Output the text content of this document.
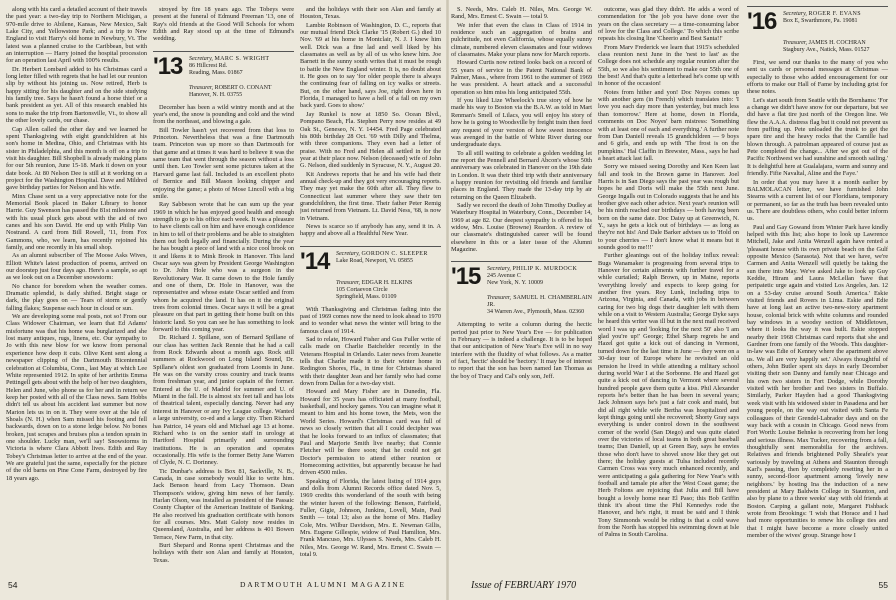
along with his card a detailed account of their travels the past year: a two-day trip to Northern Michigan, a 970-mile drive to Abilene, Kansas, New Mexico, Salt Lake City, and Yellowstone Park; and a trip to New England to visit Harry's old home in Newbury, Vt. The latest was a planned cruise to the Caribbean, but with an interruption — Harry joined the hospital procession for an operation last April with 100% results.

Dr. Herbert Lombard added to his Christmas card a long letter filled with regrets that he had let our reunion slip by without his joining us. Now retired, Herb is happy sitting for his daughter and on the side studying his family tree. Says he hasn't found a horse thief or a bank president as yet. All of this research enabled his sons to make the trip from Bartonsville, Vt., to show all the other lovely cards, our chase.

Cap Allen called the other day and we learned he spent Thanksgiving with eight grandchildren at his son's home in Medina, Ohio, and Christmas with his sister in Philadelphia, and this month is off on a trip to visit his daughter. Bill Shopbell is already making plans for our 5th reunion, June 15-18. Mark it down on your date book. At 80 Nelson Dee is still at it working on a project for the Washington Hospital. Dave and Mildred gave birthday parties for Nelson and his wife.

Minx Chase sent us a very appreciative note for the Memorial Book placed in Baker Library to honor Harrie. Guy Swenson has passed the 81st milestone and with his usual pluck gets about with the aid of two canes and his son David. He end up with Philip Van Nostrand. A card from Bill Rowell, '11, from Fox Gammons, who, we learn, has recently rejoined his family, and one recently in his small shop.

As an alumni subscriber of The Moose Asks Wives, Elliott White's latest production of poems, arrived on our doorstep just four days ago. Here's a sample, so apt as we look out on a December snowstorm:

No chance for boredom when the weather comes. Dramatic splendid, is daily shifted. Bright stage or dark, the play goes on — Tears of storm or gently falling flakes; Suspense each hour in cloud or sun.

We are developing some real posts, not so! From our Class Widower Chairman, we learn that Ed Adams' misfortune was that his home was burglarized and she lost many antiques, rugs, linens, etc. Our sympathy to Jo with this new blow for we know from personal experience how deep it cuts. Olive Kent sent along a newspaper clipping of the Dartmouth Bicentennial celebration at Columbia, Conn., last May at which Lee White represented 1912. In spite of her arthritis Emma Pettingell gets about with the help of her two daughters, Helen and June, who phone us for her and in return we keep her posted with all of the Class news. Sam Hobbs didn't tell us about his accident last summer but now Marion lets us in on it. They were over at the Isle of Shoals (N. H.) when Sam missed his footing and fell backwards, down on to a stone ledge below. No bones broken, just scrapes and bruises plus a tendon sprain in one shoulder. Lucky man, we'll say! Snowstorms in Victoria is where Clara Abbott lives. Edith and Ray Tobey's Christmas letter to arrive at the end of the year. We are grateful just the same, especially for the picture of the old barns on Pine Cone Farm, destroyed by fire 18 years ago.

stroyed by fire 18 years ago. The Tobeys were present at the funeral of Edmund Freeman '13, one of Ray's old friends at the Good Will Schools for whom Edith and Ray stood up at the time of Edmund's wedding.

'13	Secretary, MARC S. WRIGHT
86 Hillcrest Rd.
Reading, Mass. 01867
Treasurer, ROBERT O. CONANT
Hanover, N. H. 03755

December has been a wild wintry month and at the year's end, the snow is pounding and cold and the wind from the northeast, and blowing a gale.

Bill Towler hasn't yet recovered from that loss to Princeton. Nevertheless that was a fine Dartmouth team. Princeton was up more so than Dartmouth for that game and at times it was hard to believe it was the same team that went through the season without a loss until then. Leo Towler sent some pictures taken at the Harvard game last fall. Included is an excellent photo of Bernice and Bill Mason looking chipper and enjoying the game; a photo of Mose Lincoll with a big smile.

Ray Sabbeson wrote that he can sum up the year 1969 in which he has enjoyed good health and enough strength to go to his office each week. It was a pleasure to have clients call on him and have enough confidence in him to tell of their problems and be able to straighten them out both legally and financially. During the year he has bought a piece of land with a nice cool brook on it and likens it to Mink Brook in Hanover. This land Oscar says was given by President George Washington to Dr. John Hole who was a surgeon in the Revolutionary War. It came down to the Hole family and one of them, Dr. Hole in Hanover, was the representative and whose estate Oscar settled and from whom he acquired the land. It has on it the original trees from colonial times. Oscar says it will be a great pleasure on that part in getting their home built on this historic land. So you can see he has something to look forward to this coming year.

Dr. Richard J. Spillane, son of Bernard Spillane of our class has written Jack Rennie that he had a call from Rock Edwards about a month ago. Rock still summers at Rockwood on Long Island Sound, Dr. Spillane's oldest son graduated from Loomis in June. He was on the varsity cross country and track teams from freshman year, and junior captain of the former. Entered at the U. of Madrid for summer and U. of Miami in the fall. He is almost six feet tall and has lots of theatrical talent, especially dancing. Never had any interest in Hanover or any Ivy League college. Wanted a large university, co-ed and a large city. Then Richard has Patrice, 14 years old and Michael age 13 at home. Richard who is on the senior staff in urology at Hartford Hospital primarily and surrounding institutions. He is an operation and operates occasionally. His wife is the former Betty Jane Warren of Clyde, N. C. Dorinney.

Tic Dunbar's address is Box 81, Sackville, N. B., Canada, in case somebody would like to write him. Jack Benson heard from Lacy Thomson. Dean Thompson's widow, giving him news of her family. Harlan Olson, was installed as president of the Passaic County Chapter of the American Institute of Banking. He also received his graduation certificate with honors for all courses. Mrs. Matt Galoty now resides in Queensland, Australia, and her address is 401 Bowen Terrace, New Farm, in that city.

Burt Shepard and Ronna spent Christmas and the holidays with their son Alan and family at Houston, Texas.

and the holidays with their son Alan and family at Houston, Texas.

Lambie Robinson of Washington, D. C., reports that our mutual friend Dick Clarke '15 (Robert G.) died 10 Nov. '69 at his home in Montclair, N. J. I knew him well. Dick was a fine lad and well liked by his classmates as well as by all of us who knew him. Joe Barnett in the sunny south writes that it must be rough to battle the New England winter. It is, no doubt about it. He goes on to say 'for older people there is always the continuing fear of falling on icy walks or streets. But, on the other hand, says Joe, right down here in Florida, I managed to have a hell of a fall on my own back yard. Goes to show.'

Jay Runkel is now at 1850 So. Ocean Blvd., Pompano Beach, Fla. Stephen Perry now resides at 49 Oak St., Geneseo, N. Y. 14454. Fred Page celebrated his 80th birthday 28 Oct. '69 with Dilly and Thelma, with three companions. They even had a letter of praise. With no Fred and Helen all settled in for the year at their place now. Nelson (deceased) wife of John G. Nelson, died suddenly in Syracuse, N. Y., August 20.

Kit Andrews reports that he and his wife had their annual check-up and they got very encouraging reports. They may yet make the 60th after all. They flew to Connecticut last summer where they saw their ten grandchildren, the first time. Their father Peter Remig just returned from Vietnam. Lt. David Ness, '68, is now in Vietnam.

News is scarce so if anybody has any, send it in. A happy and above all a Healthful New Year.

'14	Secretary, GORDON C. SLEEPER
Lake Road, Newport, Vt. 05855
Treasurer, EDGAR H. ELKINS
105 Cortaevon Circle
Springfield, Mass. 01109

With Thanksgiving and Christmas fading into the past of 1969 comes now the need to look ahead to 1970 and to wonder what news the winter will bring to the famous class of 1914.

Sad to relate, Howard Fisher and Gus Fuller write of calls made on Charlie Batchelder recently in the Veterans Hospital in Orlando. Later news from Jeanette tells that Charlie made it to their winter home in Redington Shores, Fla., in time for Christmas shared with their daughter Jean and her family who had come down from Dallas for a two-day visit.

Howard and Mary Fisher are in Dunedin, Fla. Howard for 35 years has officiated at many football, basketball, and hockey games. You can imagine what it meant to him and his home town, the Mets, won the World Series. Howard's Christmas card was full of news so closely written that all I could decipher was that he looks forward to an influx of classmates; that Paul and Marjorie Smith live nearby; that Connie Fletcher will be there soon; that he could not get Doctor's permission to attend either reunion or Homecoming activities, but apparently because he had driven 4500 miles.

Speaking of Florida, the latest listing of 1914 guys and dolls from Alumni Records office dated Nov. 5, 1969 credits this wonderland of the south with being the winter haven of the following: Benson, Fairfield, Fuller, Gigie, Johnson, Junkins, Lovell, Main, Paul Smith — total 13; also as the home of Mrs. Hadley Cole, Mrs. Wilbur Davidson, Mrs. E. Newman Gillis, Mrs. Eugene Gillespie, widow of Paul Hamilton, Mrs. Frank Mancuso, Mrs. Ulysses S. Needs, Mrs. Caleb H. Niles, Mrs. George W. Rand, Mrs. Ernest C. Swain — total 9.

54	DARTMOUTH ALUMNI MAGAZINE

S. Needs, Mrs. Caleb H. Niles, Mrs. George W. Rand, Mrs. Ernest C. Swain — total 9.

We infer that even the class in Class of 1914 in residence such an aggregation of brains and pulchritude, not even California, whose equally sunny climate, numbered eleven classmates and four widows of classmates. Make your plans now for March reports.

Howard Curtis now retired looks back on a record of 55 years of service in the Patent National Bank of Palmer, Mass., where from 1961 to the summer of 1969 he was president. A heart attack and a successful operation so him miss his long anticipated 55th.

If you liked Lize Wheelock's true story of how he made his way to Boston via the B.A.W. as told in Mart Renman's Smell of Lilacs, you will enjoy his story of how he is going to Woodsville by freight train then feed any request of your version of how sweet innocence was avenged in the battle of White River during our undergraduate days.

To all still waiting to celebrate a golden wedding let me report the Pennell and Bernard Abcon's whose 50th anniversary was celebrated in Hanover on the 19th date in London. It was their third trip with their anniversary a happy reunion for revisiting old friends and familiar places in England. They made the 13-day trip by air returning on the Queen Elizabeth.

Sadly we record the death of John Timothy Dudley at Waterbury Hospital in Waterbury, Conn., December 14, 1969 at age 82. Our deepest sympathy is offered to his widow, Mrs. Louise (Browne) Reardon. A review of our classmate's distinguished career will be found elsewhere in this or a later issue of the Alumni Magazine.

'15	Secretary, PHILIP K. MURDOCK
245 Avenue C
New York, N. Y. 10009
Treasurer, SAMUEL H. CHAMBERLAIN JR.
34 Warren Ave., Plymouth, Mass. 02360

Attempting to write a column during the hectic period just prior to New Year's Eve — for publication in February — is indeed a challenge. It is to be hoped that our anticipation of New Year's Eve will in no way interfere with the fluidity of what follows. As a matter of fact, 'hectic' should be 'hectory.' It may be of interest to report that the son has been named Ian Thomas as the boy of Tracy and Cal's only son, Jeff.

outcome, was glad they didn't. He adds a word of commendation for 'the job you have done over the years on the class secretary — a time-consuming labor of love for the Class and College.' To which this scribe repeats his closing line 'Cheerio and Best Santa!!'

From Marv Frederick we learn that 1915's scheduled class reunion next June in the 'nest to last' as the College does not schedule any regular reunion after the 55th, so we also his sentiment to make our 55th one of the best! And that's quite a letterhead he's come up with in honor of the occasion!

Notes from hither and yon! Doc Noyes comes up with another gem (in French) which translates into: 'I love you each day more than yesterday, but much less than tomorrow.' Here at home, down in Florida, comments on Doc Noyes' barn mistress: 'Something with at least one of each and everything.' A further note from Dan Daniell reveals 15 grandchildren — 9 boys and 6 girls, and ends up with 'The frost is on the pumpkins.' Hal Claffin in Brewster, Mass., says he had a heart attack last fall.

Sorry we missed seeing Dorothy and Ken Keen last fall and took in the Brown game in Hanover. Joel Harris is in San Diego says the past year was rough but hopes he and Doris will make the 55th next June. George Ingalls out in Colorado suggests that he and his brother give each other advice. Next year's reunion will be his ninth reached our birthdays — both having been born on the same date. Doc Daisy up at Greenwich, N. Y., says he gets a kick out of birthdays — as long as they're not his! And Dale Barker advises us to 'Hold on to your cherries — I don't know what it means but it sounds good to me!!!'

Further gleanings out of the holiday influx reveal: Bugs Wanamaker is progressing from several trips to Hanover for certain ailments with further travel for a while curtailed; Ralph Brown, up in Maine, reports 'everything lovely' and expects to keep going for another five years. Roy Lunk, including trips to Arizona, Virginia, and Canada, with jobs in between caring for two big dogs their daughter left with them while on a visit to Western Australia; George Dyke says he heard this writer was ill but in the next mail received word I was up and 'looking for the next 50' also 'I am glad you're up!' George; Ethel Sharp regrets he and Hazel got quite a kick out of dancing in Vermont, turned down for the last time in June — they were on a 30-day tour of Europe where he revisited an old pension he lived in while attending a military school during world War I at the Sorbonne. He and Hazel got quite a kick out of dancing in Vermont where several hundred people gave them quite a kiss. Phil Alexander reports he's better than he has been in several years; Jack Johnson says he's just a fair cook and maid, but did all right while wife Bertha was hospitalized and kept things going until she recovered; Shorty Gray says everything is under control down in the southwest corner of the world (San Diego) and was quite elated over the victories of local teams in both great baseball teams; Dan Daniell, up at Green Bay, says he envies those who don't have to shovel snow like they get out there; the holiday guests at Tulsa included recently Carmen Cross was very much enhanced recently, and were anticipating a gala gathering for New Year's with football and tamale pie after the West Coast game; the Herb Foltons are rejoicing that Julia and Bill have bought a lovely home near El Paso; this Bob Griffin think it's about time the Phil Kennedys rode the Hanover, and he's right, it must be said and I think Tony Simmonds would be riding is that a cold wave from the North has stopped his swimming down at Isle of Palms in South Carolina.

'16	Secretary, ROGER F. EVANS
Box E, Swarthmore, Pa. 19081
Treasurer, JAMES H. COCHRAN
Stagbury Ave., Natick, Mass. 01527

First, we send our thanks to the many of you who sent us cards or personal messages at Christmas — especially to those who added encouragement for our efforts to make our Hall of Fame by including grist for these notes.

Let's start south from Seattle with the Bornhams: 'For a change we didn't have snow for our departure, but we did have a flat tire just north of the Oregon line. We flew the A.A.A. distress flag but it could not prevent us from puffing up. Pete unloaded the trunk to get the spare tire and the heavy rocks that the Camille had blown through. A patrolman appeared of course just as Pete completed the change... After we got out of the Pacific Northwest we had sunshine and smooth sailing.' It is delightful here at Gualalajara, warm and sunny and friendly. Fifie Navaltal, Aline and the Faye.'

In order that you may have it a month earlier by BALMOLACAN letter, we have furnished John Stearns with a current list of our Floridians, temporary or permanent, so far as the truth has been revealed unto us. There are doubtless others, who could better inform us.

Paul and Gay Gowand from Winter Park have kindly helped with this list; also hope to look up Lawrence Mitchell, Jake and Anita Wenzell again have rented a 'pleasant house with its own private beach on the Gulf opposite Mexico (Sarasota). Not that we have, we're Carmen and Anita Wenzell will quietly be taking the sun there into May. We've asked Jake to look up Guy Keddie, Hiram and Laura McLellan 'have that peripatetic urge again and visited Los Angeles, Jan. 12 on a 53-day cruise around South America.' Eskie visited friends and Rovers in Lima. Eskie and Edie have at long last an active two-new-story apartment house, colonial brick with white columns and rounded bay windows in a woodsy section of Middletown, where it looks the way it was built. Eskie stopped nearby their 1968 Christmas card reports that she and Gardner from one family of the Woods. This daughter-in-law was Edie of Kenney where the apartment above us. We all are very happily set.' Always thoughtful of others, John Butler spent six days in early December visiting their son Danny and family near Chicago and his own two sisters in Fort Dodge, while Dorothy visited with her brother and two sisters in Buffalo. Similarly, Parker Hayden had a good Thanksgiving week visit with his widowed sister in Pasadena and her young people, on the way out visited with Santa Fe colleagues of their Grendel-Labrador days and on the way back with a cousin in Chicago. Good news from Fort Worth: Louise Behnke is recovering from her long and serious illness. Max Tucker, recovering from a fall, thoughtfully sent memorabilia for the archives. Relatives and friends brightened Polly Sheafe's year variously by traveling at Athens and Staunton through Karl's passing, then by completely resetting her in a sunny, second-floor apartment among 'lovely new neighbors.' by hosting Ina the induction of a new president at Mary Baldwin College in Staunton, and also by plane to a three weeks' stay with old friends at Boston. Carping a gallant note, Margaret Fishback wrote from Brookings: 'I wish that Horace and I had had more opportunities to renew his college ties and that I might have become a more closely united member of the wives' group. Strange how I

Issue of FEBRUARY 1970	55
